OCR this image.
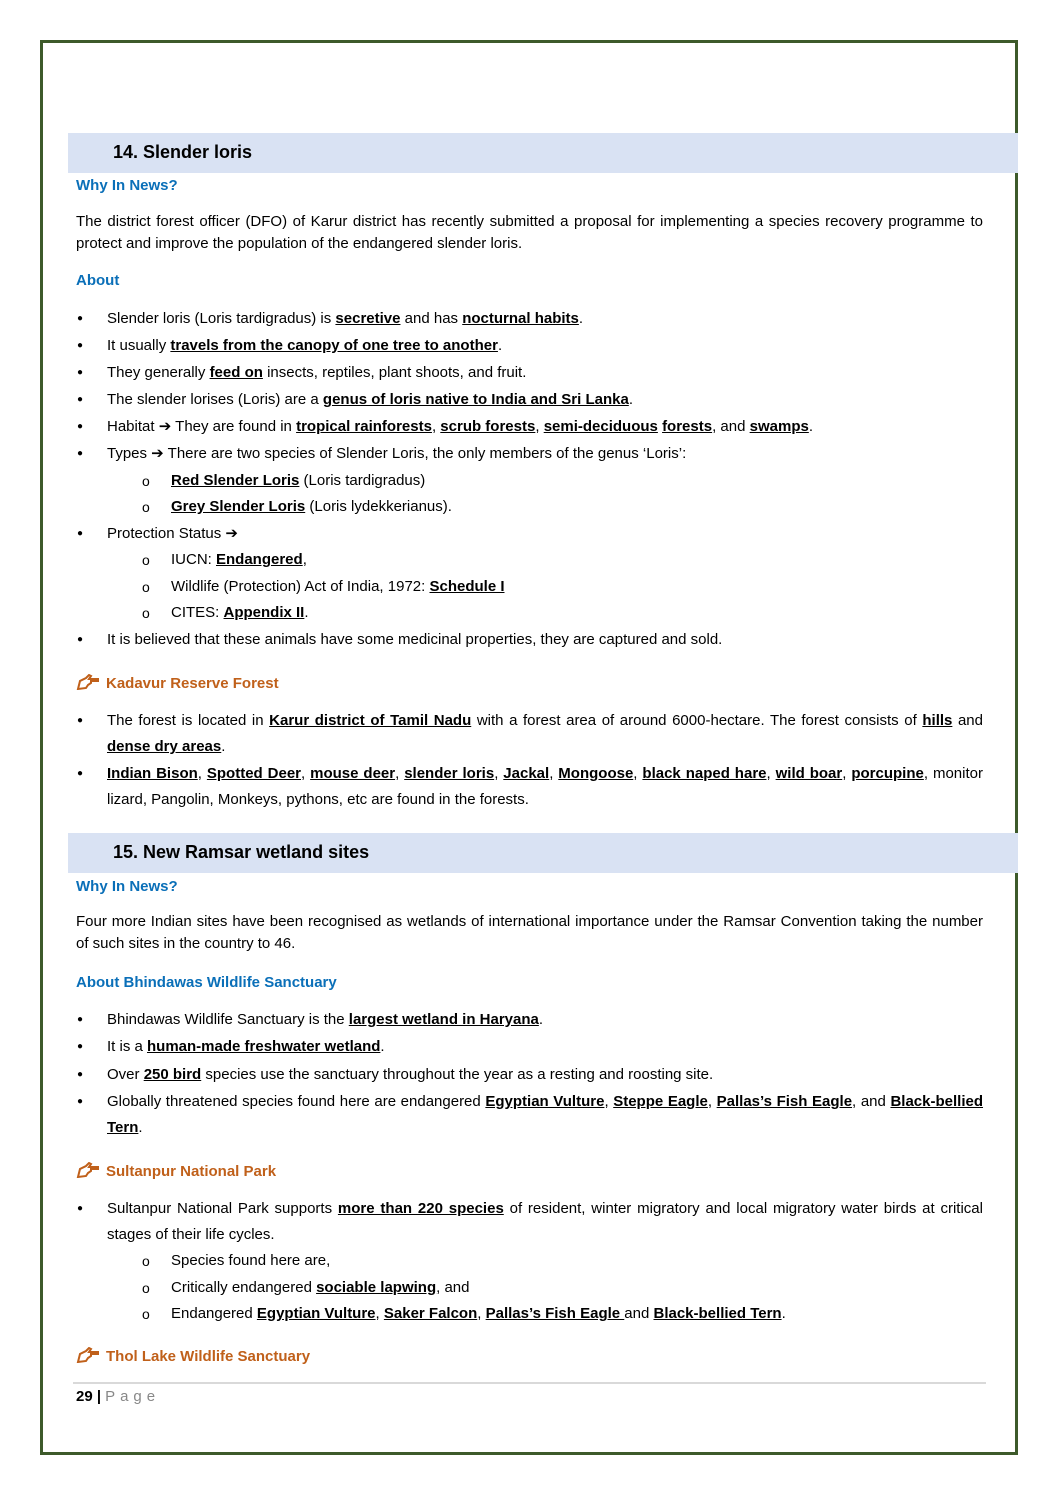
14. Slender loris
Why In News?
The district forest officer (DFO) of Karur district has recently submitted a proposal for implementing a species recovery programme to protect and improve the population of the endangered slender loris.
About
● Slender loris (Loris tardigradus) is secretive and has nocturnal habits.
● It usually travels from the canopy of one tree to another.
● They generally feed on insects, reptiles, plant shoots, and fruit.
● The slender lorises (Loris) are a genus of loris native to India and Sri Lanka.
● Habitat ➔ They are found in tropical rainforests, scrub forests, semi-deciduous forests, and swamps.
● Types ➔ There are two species of Slender Loris, the only members of the genus ‘Loris’:
o Red Slender Loris (Loris tardigradus)
o Grey Slender Loris (Loris lydekkerianus).
● Protection Status ➔
o IUCN: Endangered,
o Wildlife (Protection) Act of India, 1972: Schedule I
o CITES: Appendix II.
● It is believed that these animals have some medicinal properties, they are captured and sold.
Kadavur Reserve Forest
● The forest is located in Karur district of Tamil Nadu with a forest area of around 6000-hectare. The forest consists of hills and dense dry areas.
● Indian Bison, Spotted Deer, mouse deer, slender loris, Jackal, Mongoose, black naped hare, wild boar, porcupine, monitor lizard, Pangolin, Monkeys, pythons, etc are found in the forests.
15. New Ramsar wetland sites
Why In News?
Four more Indian sites have been recognised as wetlands of international importance under the Ramsar Convention taking the number of such sites in the country to 46.
About Bhindawas Wildlife Sanctuary
● Bhindawas Wildlife Sanctuary is the largest wetland in Haryana.
● It is a human-made freshwater wetland.
● Over 250 bird species use the sanctuary throughout the year as a resting and roosting site.
● Globally threatened species found here are endangered Egyptian Vulture, Steppe Eagle, Pallas’s Fish Eagle, and Black-bellied Tern.
Sultanpur National Park
● Sultanpur National Park supports more than 220 species of resident, winter migratory and local migratory water birds at critical stages of their life cycles.
o Species found here are,
o Critically endangered sociable lapwing, and
o Endangered Egyptian Vulture, Saker Falcon, Pallas’s Fish Eagle and Black-bellied Tern.
Thol Lake Wildlife Sanctuary
29 | Page
